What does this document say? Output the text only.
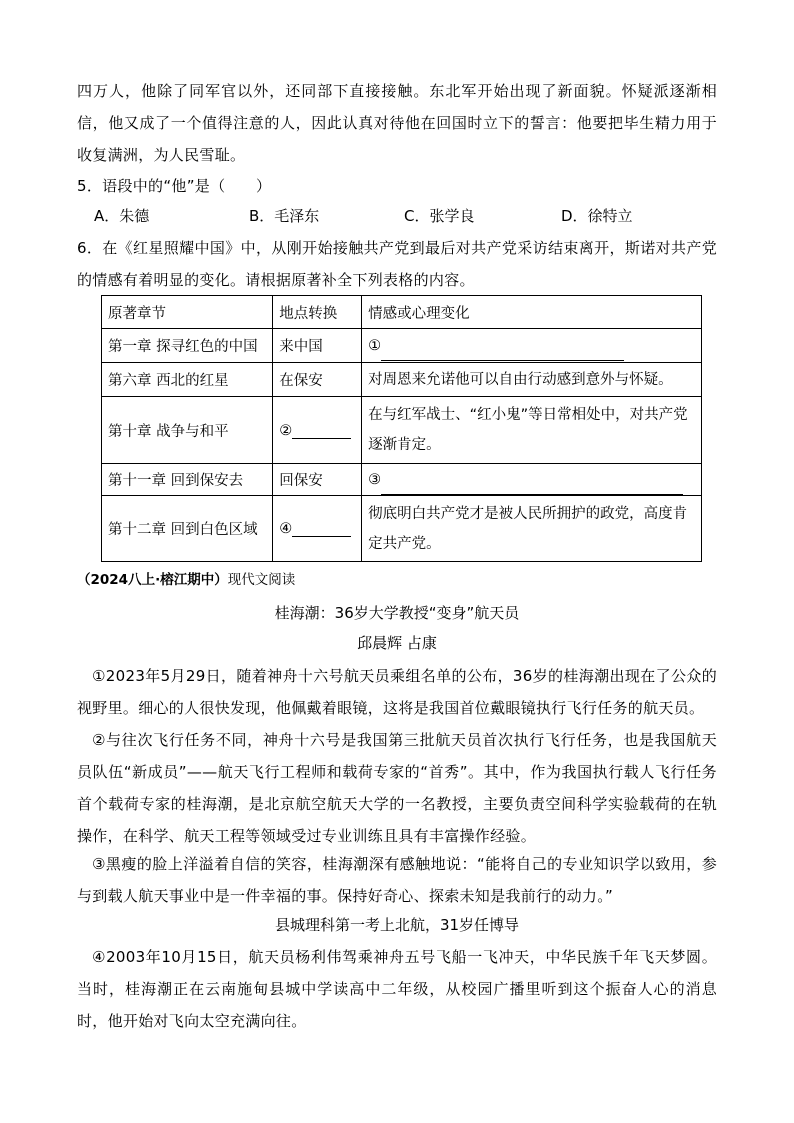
四万人，他除了同军官以外，还同部下直接接触。东北军开始出现了新面貌。怀疑派逐渐相信，他又成了一个值得注意的人，因此认真对待他在回国时立下的誓言：他要把毕生精力用于收复满洲，为人民雪耻。

5．语段中的“他”是（　　）

A．朱德	B．毛泽东	C．张学良	D．徐特立

6．在《红星照耀中国》中，从刚开始接触共产党到最后对共产党采访结束离开，斯诺对共产党的情感有着明显的变化。请根据原著补全下列表格的内容。

原著章节	地点转换	情感或心理变化
第一章 探寻红色的中国	来中国	①
第六章 西北的红星	在保安	对周恩来允诺他可以自由行动感到意外与怀疑。
第十章 战争与和平	②	在与红军战士、“红小鬼”等日常相处中，对共产党逐渐肯定。
第十一章 回到保安去	回保安	③
第十二章 回到白色区域	④	彻底明白共产党才是被人民所拥护的政党，高度肯定共产党。
（2024八上·榕江期中）现代文阅读
桂海潮：36岁大学教授“变身”航天员
邱晨辉 占康

①2023年5月29日，随着神舟十六号航天员乘组名单的公布，36岁的桂海潮出现在了公众的视野里。细心的人很快发现，他佩戴着眼镜，这将是我国首位戴眼镜执行飞行任务的航天员。

②与往次飞行任务不同，神舟十六号是我国第三批航天员首次执行飞行任务，也是我国航天员队伍“新成员”——航天飞行工程师和载荷专家的“首秀”。其中，作为我国执行载人飞行任务首个载荷专家的桂海潮，是北京航空航天大学的一名教授，主要负责空间科学实验载荷的在轨操作，在科学、航天工程等领域受过专业训练且具有丰富操作经验。

③黑瘦的脸上洋溢着自信的笑容，桂海潮深有感触地说：“能将自己的专业知识学以致用，参与到载人航天事业中是一件幸福的事。保持好奇心、探索未知是我前行的动力。”

县城理科第一考上北航，31岁任博导

④2003年10月15日，航天员杨利伟驾乘神舟五号飞船一飞冲天，中华民族千年飞天梦圆。当时，桂海潮正在云南施甸县城中学读高中二年级，从校园广播里听到这个振奋人心的消息时，他开始对飞向太空充满向往。
